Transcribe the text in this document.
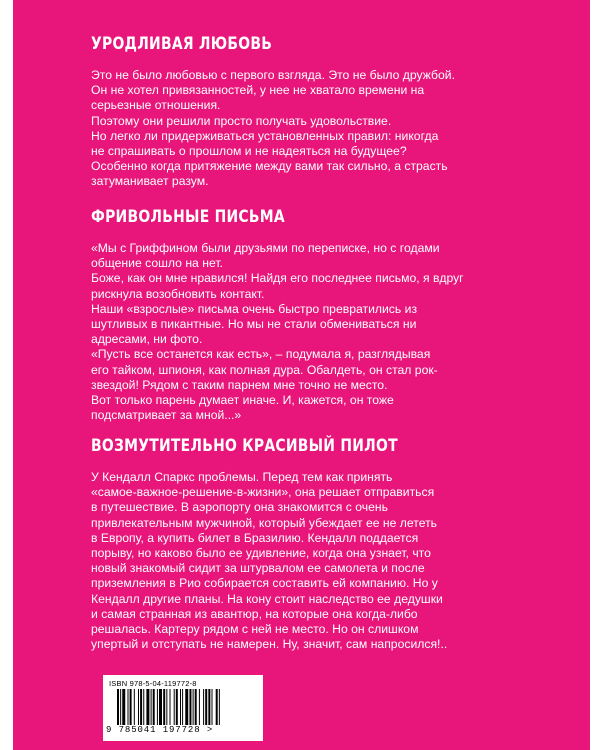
УРОДЛИВАЯ ЛЮБОВЬ

Это не было любовью с первого взгляда. Это не было дружбой.

Он не хотел привязанностей, у нее не хватало времени на

серьезные отношения.

Поэтому они решили просто получать удовольствие.

Но легко ли придерживаться установленных правил: никогда

не спрашивать о прошлом и не надеяться на будущее?

Особенно когда притяжение между вами так сильно, а страсть

затуманивает разум.

ФРИВОЛЬНЫЕ ПИСЬМА

«Мы с Гриффином были друзьями по переписке, но с годами

общение сошло на нет.

Боже, как он мне нравился! Найдя его последнее письмо, я вдруг

рискнула возобновить контакт.

Наши «взрослые» письма очень быстро превратились из

шутливых в пикантные. Но мы не стали обмениваться ни

адресами, ни фото.

«Пусть все останется как есть», – подумала я, разглядывая

его тайком, шпионя, как полная дура. Обалдеть, он стал рок-

звездой! Рядом с таким парнем мне точно не место.

Вот только парень думает иначе. И, кажется, он тоже

подсматривает за мной...»

ВОЗМУТИТЕЛЬНО КРАСИВЫЙ ПИЛОТ

У Кендалл Спаркс проблемы. Перед тем как принять

«самое-важное-решение-в-жизни», она решает отправиться

в путешествие. В аэропорту она знакомится с очень

привлекательным мужчиной, который убеждает ее не лететь

в Европу, а купить билет в Бразилию. Кендалл поддается

порыву, но каково было ее удивление, когда она узнает, что

новый знакомый сидит за штурвалом ее самолета и после

приземления в Рио собирается составить ей компанию. Но у

Кендалл другие планы. На кону стоит наследство ее дедушки

и самая странная из авантюр, на которые она когда-либо

решалась. Картеру рядом с ней не место. Но он слишком

упертый и отступать не намерен. Ну, значит, сам напросился!..

ISBN 978-5-04-119772-8
9 785041 197728 >
